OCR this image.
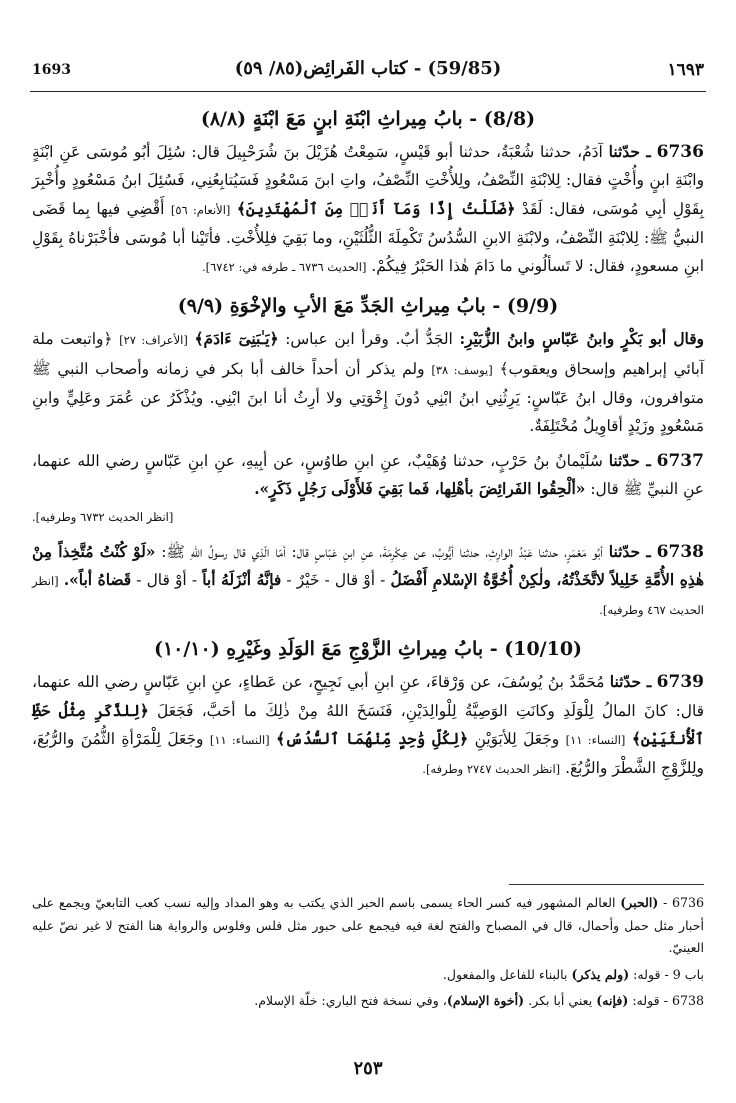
1693	(59/85) - كتاب الفَرائِض(٨٥/ ٥٩)	١٦٩٣
(8/8) - بابُ مِيراثِ ابْنَةِ ابنٍ مَعَ ابْنَةٍ (٨/٨)

6736 ـ حدّثنا آدَمُ، حدثنا شُعْبَةُ، حدثنا أبو قَيْسٍ، سَمِعْتُ هُزَيْلَ بنَ شُرَحْبِيلَ قال: سُئِلَ أبُو مُوسَى عَنِ ابْنَةٍ وابْنَةِ ابنٍ وأُخْتٍ فقال: لِلابْنَةِ النِّصْفُ، ولِلأُخْتِ النِّصْفُ، واتِ ابنَ مَسْعُودٍ فَسَيُتابِعُنِي، فَسُئِلَ ابنُ مَسْعُودٍ وأُخْبِرَ بِقَوْلِ أبِي مُوسَى، فقال: لَقَدْ ﴿ضَلَلْتُ إِذًا وَمَآ أَنَا۠ مِنَ ٱلْمُهْتَدِينَ﴾ [الأنعام: ٥٦] أَقْضِي فيها بِما قَضَى النبيُّ ﷺ: لِلابْنَةِ النِّصْفُ، ولابْنَةِ الابنِ السُّدُسُ تَكْمِلَةَ الثُّلُثَيْنِ، وما بَقِيَ فلِلأُخْتِ. فأتَيْنا أبا مُوسَى فأخْبَرْناهُ بِقَوْلِ ابنِ مسعودٍ، فقال: لا تَسألُوني ما دَامَ هٰذا الحَبْرُ فِيكُمْ. [الحديث ٦٧٣٦ ـ طرفه في: ٦٧٤٢].

(9/9) - بابُ مِيراثِ الجَدِّ مَعَ الأبِ والإخْوَةِ (٩/٩)

وقال أبو بَكْرٍ وابنُ عَبّاسٍ وابنُ الزُّبَيْرِ: الجَدُّ أبٌ. وقرأ ابن عباس: ﴿يَـٰبَنِىٓ ءَادَمَ﴾ [الأعراف: ٢٧] ﴿واتبعت ملة آبائي إبراهيم وإسحاق ويعقوب﴾ [يوسف: ٣٨] ولم يذكر أن أحداً خالف أبا بكر في زمانه وأصحاب النبي ﷺ متوافرون، وقال ابنُ عَبّاسٍ: يَرِثُنِي ابنُ ابْنِي دُونَ إِخْوَتِي ولا أرِثُ أنا ابنَ ابْنِي. ويُذْكَرُ عن عُمَرَ وعَلِيٍّ وابنِ مَسْعُودٍ وزَيْدٍ أقاوِيلُ مُخْتَلِفَةٌ.

6737 ـ حدّثنا سُلَيْمانُ بنُ حَرْبٍ، حدثنا وُهَيْبٌ، عنِ ابنِ طاوُسٍ، عن أبِيهِ، عنِ ابنِ عَبّاسٍ رضي الله عنهما، عنِ النبيِّ ﷺ قال: «ألْحِقُوا الفَرائِضَ بأهْلِها، فَما بَقِيَ فَلأَوْلَى رَجُلٍ ذَكَرٍ».
[انظر الحديث ٦٧٣٢ وطرفيه].

6738 ـ حدّثنا أبُو مَعْمَرٍ، حدثنا عَبْدُ الوارِثِ، حدثنا أيُّوبُ، عن عِكْرِمَةَ، عنِ ابنِ عَبّاسٍ قال: أمّا الّذِي قال رسولُ اللهِ ﷺ: «لَوْ كُنْتُ مُتَّخِذاً مِنْ هٰذِهِ الأُمَّةِ خَلِيلاً لاتَّخَذْتُهُ، ولٰكِنْ أُخُوَّةُ الإسْلامِ أَفْضَلُ - أوْ قال - خَيْرٌ - فإنَّهُ أنْزَلَهُ أباً - أوْ قال - قَضاهُ أباً». [انظر الحديث ٤٦٧ وطرفيه].

(10/10) - بابُ مِيراثِ الزَّوْجِ مَعَ الوَلَدِ وغَيْرِهِ (١٠/١٠)

6739 ـ حدّثنا مُحَمَّدُ بنُ يُوسُفَ، عن وَرْقاءَ، عنِ ابنِ أبي نَجِيحٍ، عن عَطاءٍ، عنِ ابنِ عَبّاسٍ رضي الله عنهما، قال: كانَ المالُ لِلْوَلَدِ وكانَتِ الوَصِيَّةُ لِلْوالِدَيْنِ، فَنَسَخَ اللهُ مِنْ ذٰلِكَ ما أحَبَّ، فَجَعَلَ ﴿لِلذَّكَرِ مِثْلُ حَظِّ ٱلْأُنثَيَيْنِ﴾ [النساء: ١١] وجَعَلَ لِلأبَوَيْنِ ﴿لِكُلِّ وَٰحِدٍ مِّنْهُمَا ٱلسُّدُسُ﴾ [النساء: ١١] وجَعَلَ لِلْمَرْأةِ الثُّمُنَ والرُّبُعَ، ولِلزَّوْجِ الشَّطْرَ والرُّبُعَ. [انظر الحديث ٢٧٤٧ وطرفه].

6736 - (الحبر) العالم المشهور فيه كسر الحاء يسمى باسم الحبر الذي يكتب به وهو المداد وإليه نسب كعب التابعيّ ويجمع على أحبار مثل حمل وأحمال، قال في المصباح والفتح لغة فيه فيجمع على حبور مثل فلس وفلوس والرواية هنا الفتح لا غير نصّ عليه العينيّ.

باب 9 - قوله: (ولم يذكر) بالبناء للفاعل والمفعول.

6738 - قوله: (فإنه) يعني أبا بكر. (أخوة الإسلام)، وفي نسخة فتح الباري: خلّة الإسلام.

٢٥٣
